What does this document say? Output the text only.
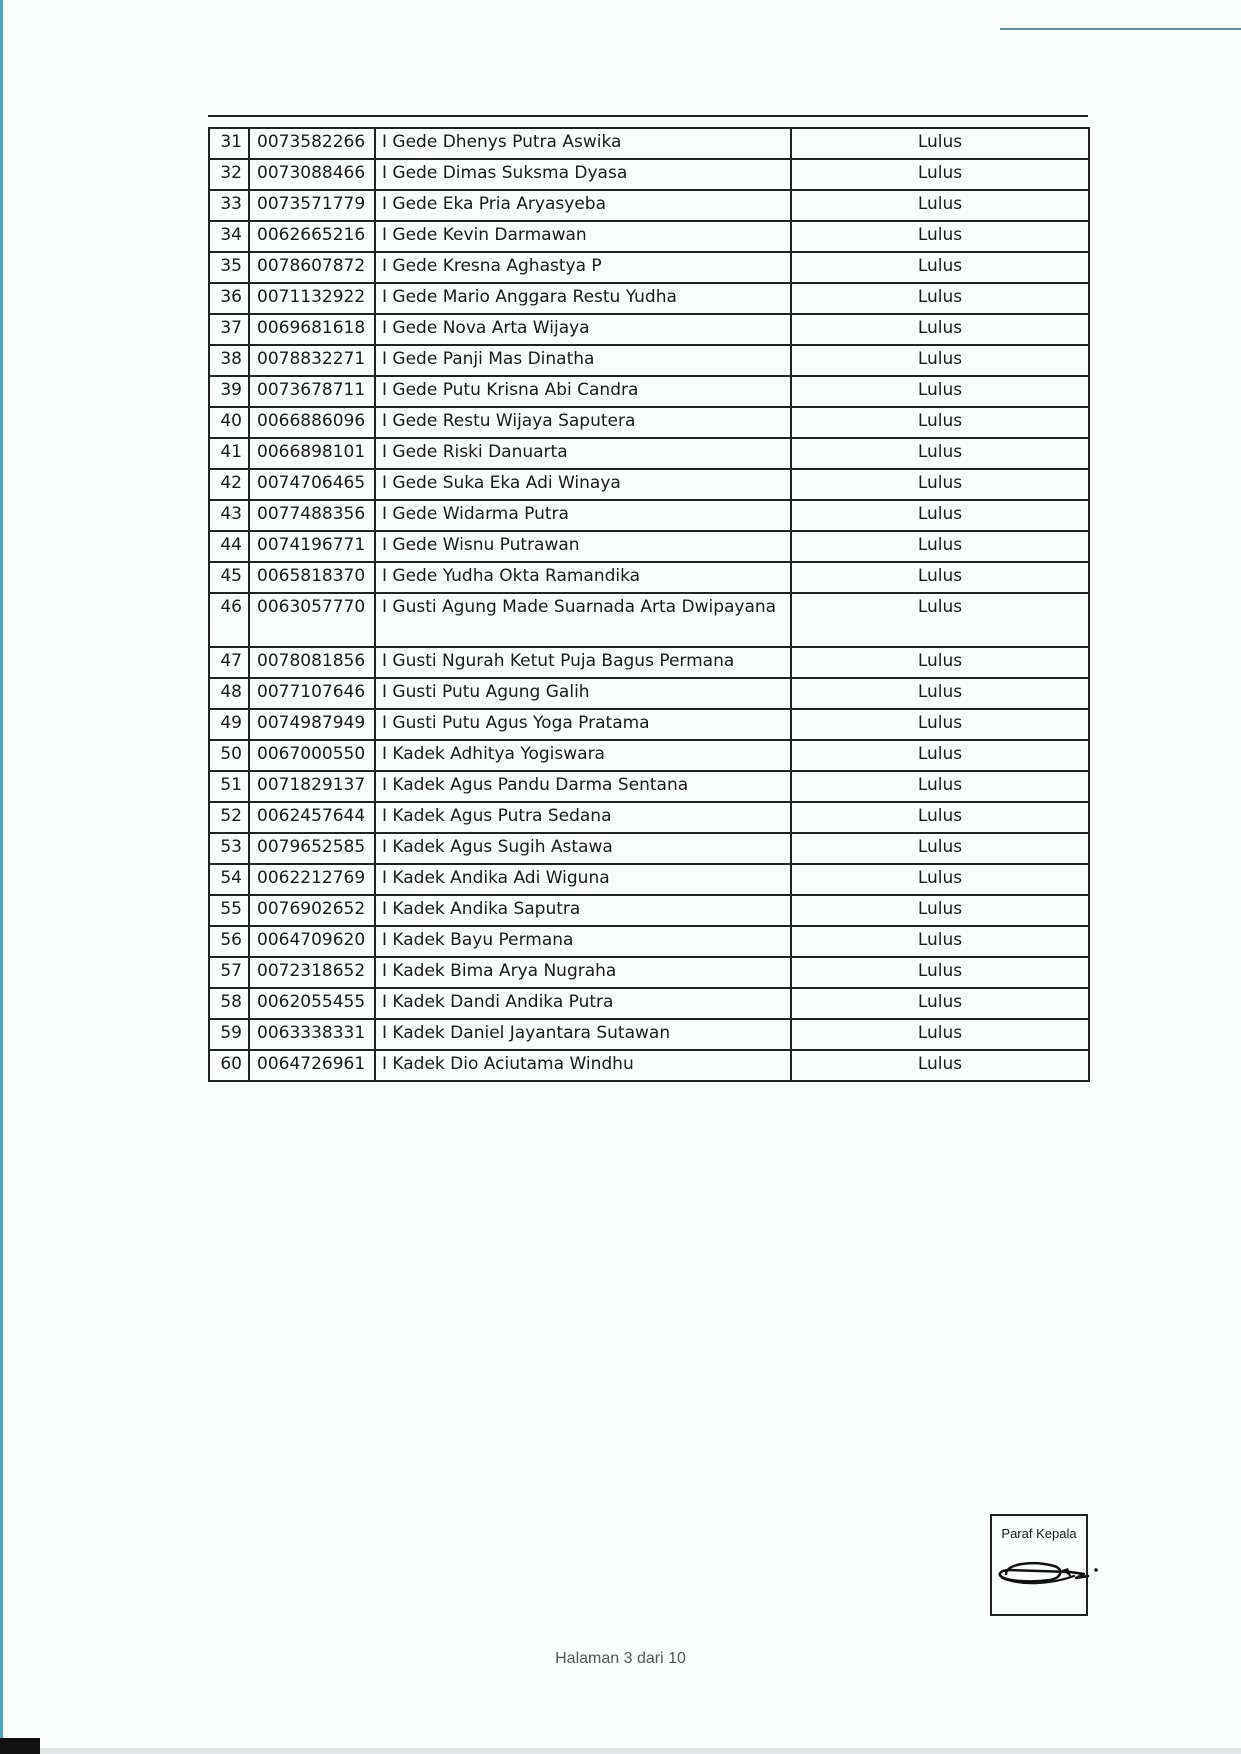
31	0073582266	I Gede Dhenys Putra Aswika	Lulus
32	0073088466	I Gede Dimas Suksma Dyasa	Lulus
33	0073571779	I Gede Eka Pria Aryasyeba	Lulus
34	0062665216	I Gede Kevin Darmawan	Lulus
35	0078607872	I Gede Kresna Aghastya P	Lulus
36	0071132922	I Gede Mario Anggara Restu Yudha	Lulus
37	0069681618	I Gede Nova Arta Wijaya	Lulus
38	0078832271	I Gede Panji Mas Dinatha	Lulus
39	0073678711	I Gede Putu Krisna Abi Candra	Lulus
40	0066886096	I Gede Restu Wijaya Saputera	Lulus
41	0066898101	I Gede Riski Danuarta	Lulus
42	0074706465	I Gede Suka Eka Adi Winaya	Lulus
43	0077488356	I Gede Widarma Putra	Lulus
44	0074196771	I Gede Wisnu Putrawan	Lulus
45	0065818370	I Gede Yudha Okta Ramandika	Lulus
46	0063057770	I Gusti Agung Made Suarnada Arta Dwipayana	Lulus
47	0078081856	I Gusti Ngurah Ketut Puja Bagus Permana	Lulus
48	0077107646	I Gusti Putu Agung Galih	Lulus
49	0074987949	I Gusti Putu Agus Yoga Pratama	Lulus
50	0067000550	I Kadek Adhitya Yogiswara	Lulus
51	0071829137	I Kadek Agus Pandu Darma Sentana	Lulus
52	0062457644	I Kadek Agus Putra Sedana	Lulus
53	0079652585	I Kadek Agus Sugih Astawa	Lulus
54	0062212769	I Kadek Andika Adi Wiguna	Lulus
55	0076902652	I Kadek Andika Saputra	Lulus
56	0064709620	I Kadek Bayu Permana	Lulus
57	0072318652	I Kadek Bima Arya Nugraha	Lulus
58	0062055455	I Kadek Dandi Andika Putra	Lulus
59	0063338331	I Kadek Daniel Jayantara Sutawan	Lulus
60	0064726961	I Kadek Dio Aciutama Windhu	Lulus
Paraf Kepala
Halaman 3 dari 10
